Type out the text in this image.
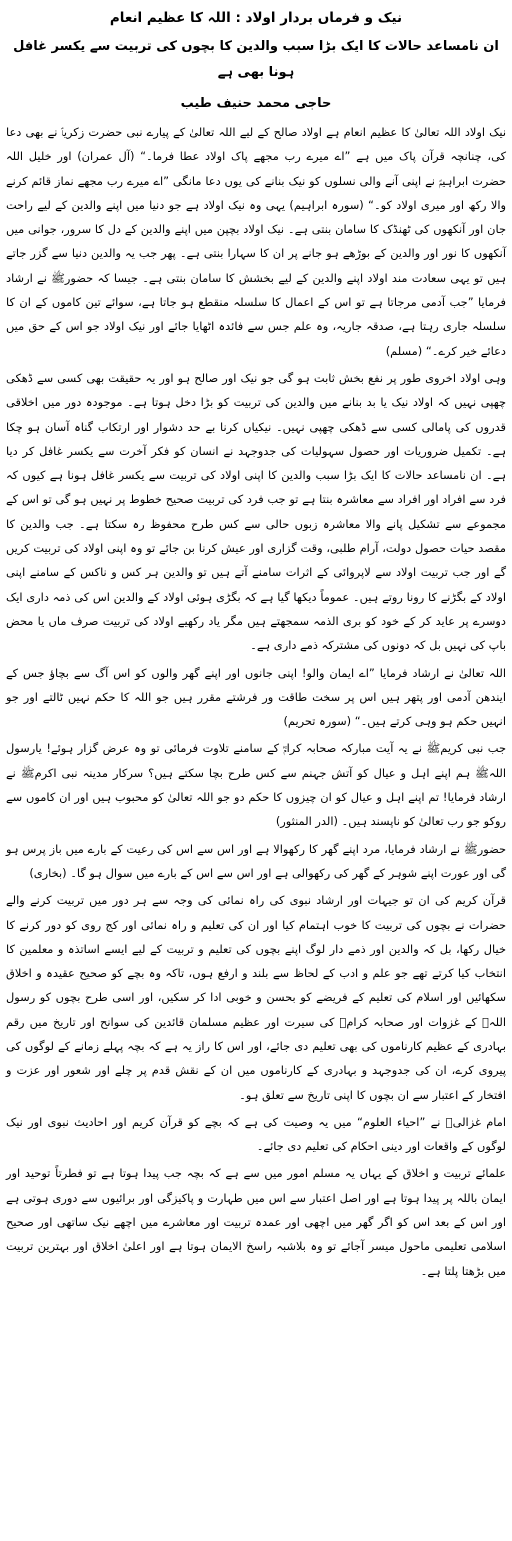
نیک و فرماں بردار اولاد : اللہ کا عظیم انعام
ان نامساعد حالات کا ایک بڑا سبب والدین کا بچوں کی تربیت سے یکسر غافل ہونا بھی ہے
حاجی محمد حنیف طیب

نیک اولاد اللہ تعالیٰ کا عظیم انعام ہے اولاد صالح کے لیے اللہ تعالیٰ کے پیارے نبی حضرت زکریاؑ نے بھی دعا کی، چنانچہ قرآن پاک میں ہے ”اے میرے رب مجھے پاک اولاد عطا فرما۔“ (آل عمران) اور خلیل اللہ حضرت ابراہیمؑ نے اپنی آنے والی نسلوں کو نیک بنانے کی یوں دعا مانگی ”اے میرے رب مجھے نماز قائم کرنے والا رکھ اور میری اولاد کو۔“ (سورہ ابراہیم) یہی وہ نیک اولاد ہے جو دنیا میں اپنے والدین کے لیے راحت جان اور آنکھوں کی ٹھنڈک کا سامان بنتی ہے۔ نیک اولاد بچپن میں اپنے والدین کے دل کا سرور، جوانی میں آنکھوں کا نور اور والدین کے بوڑھے ہو جانے پر ان کا سہارا بنتی ہے۔ پھر جب یہ والدین دنیا سے گزر جاتے ہیں تو یہی سعادت مند اولاد اپنے والدین کے لیے بخشش کا سامان بنتی ہے۔ جیسا کہ حضورﷺ نے ارشاد فرمایا ”جب آدمی مرجاتا ہے تو اس کے اعمال کا سلسلہ منقطع ہو جاتا ہے، سوائے تین کاموں کے ان کا سلسلہ جاری رہتا ہے، صدقہ جاریہ، وہ علم جس سے فائدہ اٹھایا جائے اور نیک اولاد جو اس کے حق میں دعائے خیر کرے۔“ (مسلم)

وہی اولاد اخروی طور پر نفع بخش ثابت ہو گی جو نیک اور صالح ہو اور یہ حقیقت بھی کسی سے ڈھکی چھپی نہیں کہ اولاد نیک یا بد بنانے میں والدین کی تربیت کو بڑا دخل ہوتا ہے۔ موجودہ دور میں اخلاقی قدروں کی پامالی کسی سے ڈھکی چھپی نہیں۔ نیکیاں کرنا بے حد دشوار اور ارتکاب گناہ آسان ہو چکا ہے۔ تکمیل ضروریات اور حصول سہولیات کی جدوجہد نے انسان کو فکر آخرت سے یکسر غافل کر دیا ہے۔ ان نامساعد حالات کا ایک بڑا سبب والدین کا اپنی اولاد کی تربیت سے یکسر غافل ہونا ہے کیوں کہ فرد سے افراد اور افراد سے معاشرہ بنتا ہے تو جب فرد کی تربیت صحیح خطوط پر نہیں ہو گی تو اس کے مجموعے سے تشکیل پانے والا معاشرہ زبوں حالی سے کس طرح محفوظ رہ سکتا ہے۔ جب والدین کا مقصد حیات حصول دولت، آرام طلبی، وقت گزاری اور عیش کرنا بن جائے تو وہ اپنی اولاد کی تربیت کریں گے اور جب تربیت اولاد سے لاپروائی کے اثرات سامنے آتے ہیں تو والدین ہر کس و ناکس کے سامنے اپنی اولاد کے بگڑنے کا رونا روتے ہیں۔ عموماً دیکھا گیا ہے کہ بگڑی ہوئی اولاد کے والدین اس کی ذمہ داری ایک دوسرے پر عاید کر کے خود کو بری الذمہ سمجھتے ہیں مگر یاد رکھیے اولاد کی تربیت صرف ماں یا محض باپ کی نہیں بل کہ دونوں کی مشترکہ ذمے داری ہے۔

اللہ تعالیٰ نے ارشاد فرمایا ”اے ایمان والو! اپنی جانوں اور اپنے گھر والوں کو اس آگ سے بچاؤ جس کے ایندھن آدمی اور پتھر ہیں اس پر سخت طاقت ور فرشتے مقرر ہیں جو اللہ کا حکم نہیں ٹالتے اور جو انہیں حکم ہو وہی کرتے ہیں۔“ (سورہ تحریم)

جب نبی کریمﷺ نے یہ آیت مبارکہ صحابہ کرامؓ کے سامنے تلاوت فرمائی تو وہ عرض گزار ہوئے! یارسول اللہﷺ ہم اپنے اہل و عیال کو آتش جہنم سے کس طرح بچا سکتے ہیں؟ سرکار مدینہ نبی اکرمﷺ نے ارشاد فرمایا! تم اپنے اہل و عیال کو ان چیزوں کا حکم دو جو اللہ تعالیٰ کو محبوب ہیں اور ان کاموں سے روکو جو رب تعالیٰ کو ناپسند ہیں۔ (الدر المنثور)

حضورﷺ نے ارشاد فرمایا، مرد اپنے گھر کا رکھوالا ہے اور اس سے اس کی رعیت کے بارے میں باز پرس ہو گی اور عورت اپنے شوہر کے گھر کی رکھوالی ہے اور اس سے اس کے بارے میں سوال ہو گا۔ (بخاری)

قرآن کریم کی ان تو جیہات اور ارشاد نبوی کی راہ نمائی کی وجہ سے ہر دور میں تربیت کرنے والے حضرات نے بچوں کی تربیت کا خوب اہتمام کیا اور ان کی تعلیم و راہ نمائی اور کج روی کو دور کرنے کا خیال رکھا، بل کہ والدین اور ذمے دار لوگ اپنے بچوں کی تعلیم و تربیت کے لیے ایسے اساتذہ و معلمین کا انتخاب کیا کرتے تھے جو علم و ادب کے لحاظ سے بلند و ارفع ہوں، تاکہ وہ بچے کو صحیح عقیدہ و اخلاق سکھائیں اور اسلام کی تعلیم کے فریضے کو بحسن و خوبی ادا کر سکیں، اور اسی طرح بچوں کو رسول اللہﷺ کے غزوات اور صحابہ کرامؓ کی سیرت اور عظیم مسلمان قائدین کی سوانح اور تاریخ میں رقم بہادری کے عظیم کارناموں کی بھی تعلیم دی جائے، اور اس کا راز یہ ہے کہ بچہ پہلے زمانے کے لوگوں کی پیروی کرے، ان کی جدوجہد و بہادری کے کارناموں میں ان کے نقش قدم پر چلے اور شعور اور عزت و افتخار کے اعتبار سے ان بچوں کا اپنی تاریخ سے تعلق ہو۔

امام غزالیؒ نے ”احیاء العلوم“ میں یہ وصیت کی ہے کہ بچے کو قرآن کریم اور احادیث نبوی اور نیک لوگوں کے واقعات اور دینی احکام کی تعلیم دی جائے۔

علمائے تربیت و اخلاق کے یہاں یہ مسلم امور میں سے ہے کہ بچہ جب پیدا ہوتا ہے تو فطرتاً توحید اور ایمان باللہ پر پیدا ہوتا ہے اور اصل اعتبار سے اس میں طہارت و پاکیزگی اور برائیوں سے دوری ہوتی ہے اور اس کے بعد اس کو اگر گھر میں اچھی اور عمدہ تربیت اور معاشرے میں اچھے نیک ساتھی اور صحیح اسلامی تعلیمی ماحول میسر آجائے تو وہ بلاشبہ راسخ الایمان ہوتا ہے اور اعلیٰ اخلاق اور بہترین تربیت میں بڑھتا پلتا ہے۔
